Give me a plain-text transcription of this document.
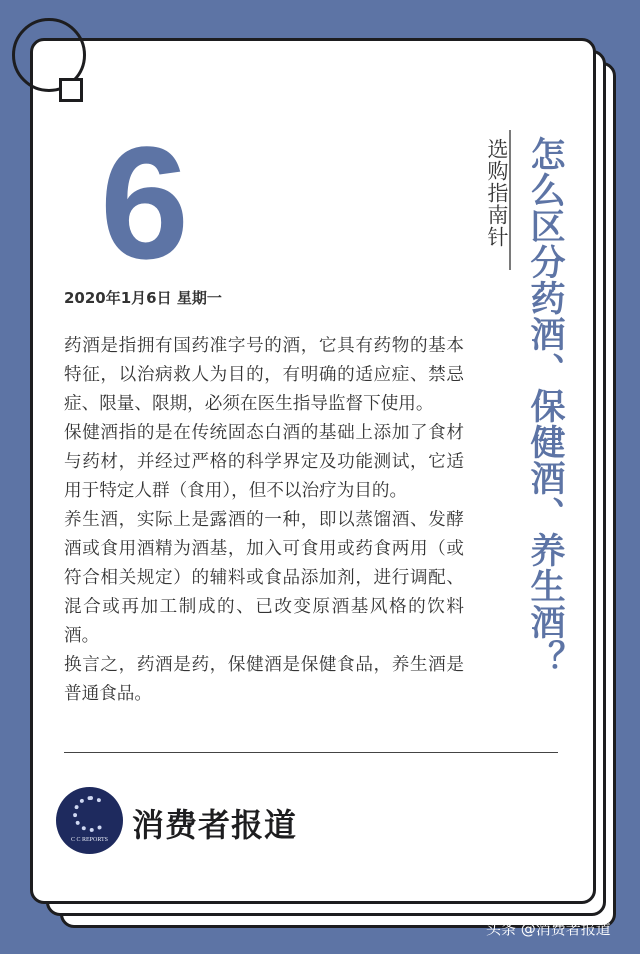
6
2020年1月6日 星期一	怎么区分药酒、保健酒、养生酒？
选购指南针

药酒是指拥有国药准字号的酒，它具有药物的基本特征，以治病救人为目的，有明确的适应症、禁忌症、限量、限期，必须在医生指导监督下使用。

保健酒指的是在传统固态白酒的基础上添加了食材与药材，并经过严格的科学界定及功能测试，它适用于特定人群（食用），但不以治疗为目的。

养生酒，实际上是露酒的一种，即以蒸馏酒、发酵酒或食用酒精为酒基，加入可食用或药食两用（或符合相关规定）的辅料或食品添加剂，进行调配、混合或再加工制成的、已改变原酒基风格的饮料酒。

换言之，药酒是药，保健酒是保健食品，养生酒是普通食品。

C C REPORTS 消费者报道
头条 @消费者报道
